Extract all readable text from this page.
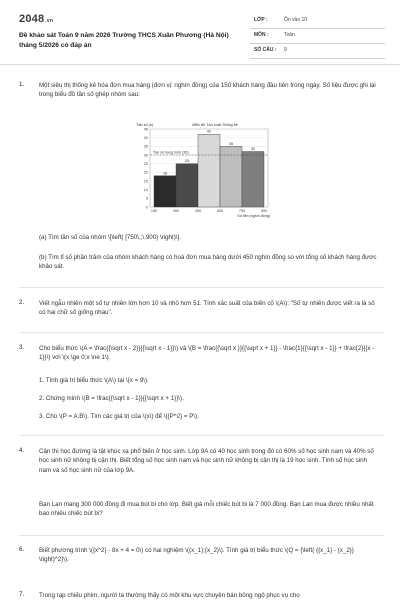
2048.vn
Đề khảo sát Toán 9 năm 2026 Trường THCS Xuân Phương (Hà Nội) tháng 5/2026 có đáp án
LỚP :	Ôn vào 10
MÔN :	Toán
SỐ CÂU : 9
1. Một siêu thị thống kê hóa đơn mua hàng (đơn vị: nghìn đồng) của 150 khách hàng đầu tiên trong ngày. Số liệu được ghi lại trong biểu đồ tần số ghép nhóm sau:
0
5
10
15
20
25
30
35
40
45
18
25
42
35
32
Tần số trung bình (30)
150	300	450	600	750	900
Tần số (n)	Biểu đồ Tần suất Thống kê
Số tiền (nghìn đồng)
(a) Tìm tần số của nhóm \[\left( [750\,;\,900} \right)\].
(b) Tìm tỉ số phần trăm của nhóm khách hàng có hoá đơn mua hàng dưới 450 nghìn đồng so với tổng số khách hàng được khảo sát.
2. Viết ngẫu nhiên một số tự nhiên lớn hơn 10 và nhỏ hơn 51. Tính xác suất của biến cố \(A\): "Số tự nhiên được viết ra là số có hai chữ số giống nhau".
3. Cho biểu thức \(A = \frac{{\sqrt x - 2}}{{\sqrt x - 1}}\) và \(B = \frac{{\sqrt x }}{{\sqrt x + 1}} - \frac{1}{{\sqrt x - 1}} + \frac{2}{{x - 1}}\) với \(x \ge 0;x \ne 1\).
1. Tính giá trị biểu thức \(A\) tại \(x = 9\).
2. Chứng minh \(B = \frac{{\sqrt x - 1}}{{\sqrt x + 1}}\).
3. Cho \(P = A.B\). Tìm các giá trị của \(x\) để \({P^2} = P\).
4. Cận thị học đường là tật khúc xạ phổ biến ở học sinh. Lớp 9A có 40 học sinh trong đó có 60% số học sinh nam và 40% số học sinh nữ không bị cận thị. Biết tổng số học sinh nam và học sinh nữ không bị cận thị là 19 học sinh. Tính số học sinh nam và số học sinh nữ của lớp 9A.
Bạn Lan mang 300 000 đồng đi mua bút bi cho lớp. Biết giá mỗi chiếc bút bi là 7 000 đồng. Bạn Lan mua được nhiều nhất bao nhiêu chiếc bút bi?
6. Biết phương trình \({x^2} - 8x + 4 = 0\) có hai nghiệm \({x_1};{x_2}\). Tính giá trị biểu thức \(Q = {\left( {{x_1} - {x_2}} \right)^2}\).
7. Trong rạp chiếu phim, người ta thường thấy có một khu vực chuyên bán bỏng ngô phục vụ cho
